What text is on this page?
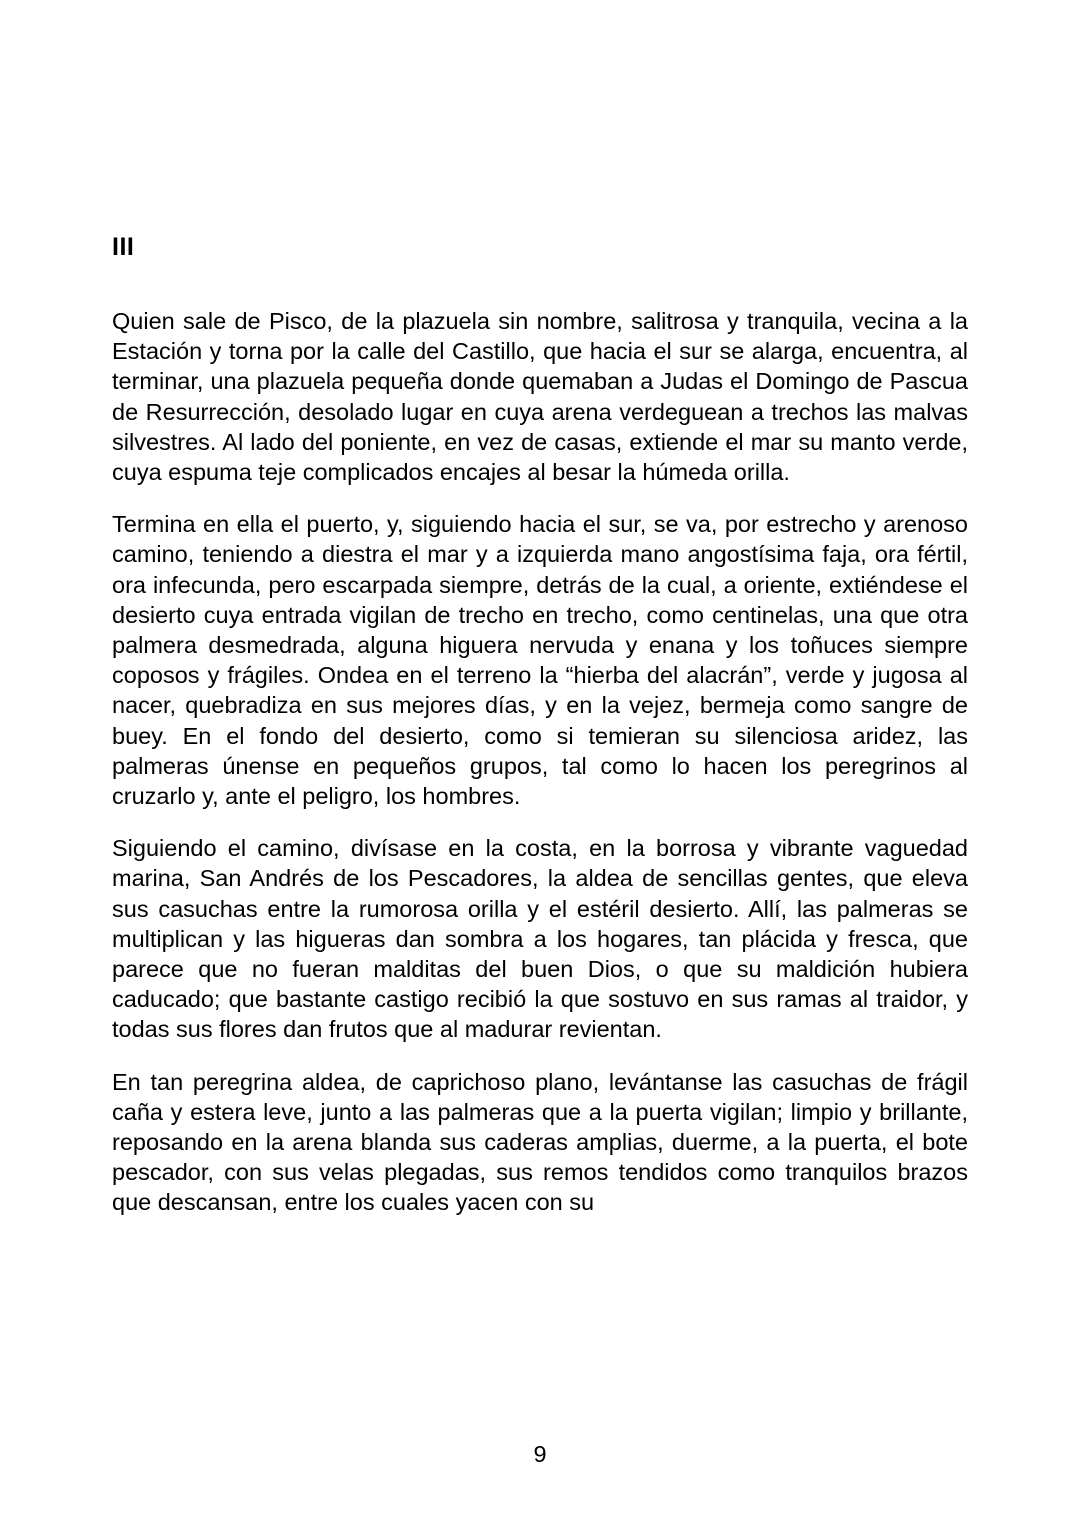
III

Quien sale de Pisco, de la plazuela sin nombre, salitrosa y tranquila, vecina a la Estación y torna por la calle del Castillo, que hacia el sur se alarga, encuentra, al terminar, una plazuela pequeña donde quemaban a Judas el Domingo de Pascua de Resurrección, desolado lugar en cuya arena verdeguean a trechos las malvas silvestres. Al lado del poniente, en vez de casas, extiende el mar su manto verde, cuya espuma teje complicados encajes al besar la húmeda orilla.

Termina en ella el puerto, y, siguiendo hacia el sur, se va, por estrecho y arenoso camino, teniendo a diestra el mar y a izquierda mano angostísima faja, ora fértil, ora infecunda, pero escarpada siempre, detrás de la cual, a oriente, extiéndese el desierto cuya entrada vigilan de trecho en trecho, como centinelas, una que otra palmera desmedrada, alguna higuera nervuda y enana y los toñuces siempre coposos y frágiles. Ondea en el terreno la “hierba del alacrán”, verde y jugosa al nacer, quebradiza en sus mejores días, y en la vejez, bermeja como sangre de buey. En el fondo del desierto, como si temieran su silenciosa aridez, las palmeras únense en pequeños grupos, tal como lo hacen los peregrinos al cruzarlo y, ante el peligro, los hombres.

Siguiendo el camino, divísase en la costa, en la borrosa y vibrante vaguedad marina, San Andrés de los Pescadores, la aldea de sencillas gentes, que eleva sus casuchas entre la rumorosa orilla y el estéril desierto. Allí, las palmeras se multiplican y las higueras dan sombra a los hogares, tan plácida y fresca, que parece que no fueran malditas del buen Dios, o que su maldición hubiera caducado; que bastante castigo recibió la que sostuvo en sus ramas al traidor, y todas sus flores dan frutos que al madurar revientan.

En tan peregrina aldea, de caprichoso plano, levántanse las casuchas de frágil caña y estera leve, junto a las palmeras que a la puerta vigilan; limpio y brillante, reposando en la arena blanda sus caderas amplias, duerme, a la puerta, el bote pescador, con sus velas plegadas, sus remos tendidos como tranquilos brazos que descansan, entre los cuales yacen con su

9
